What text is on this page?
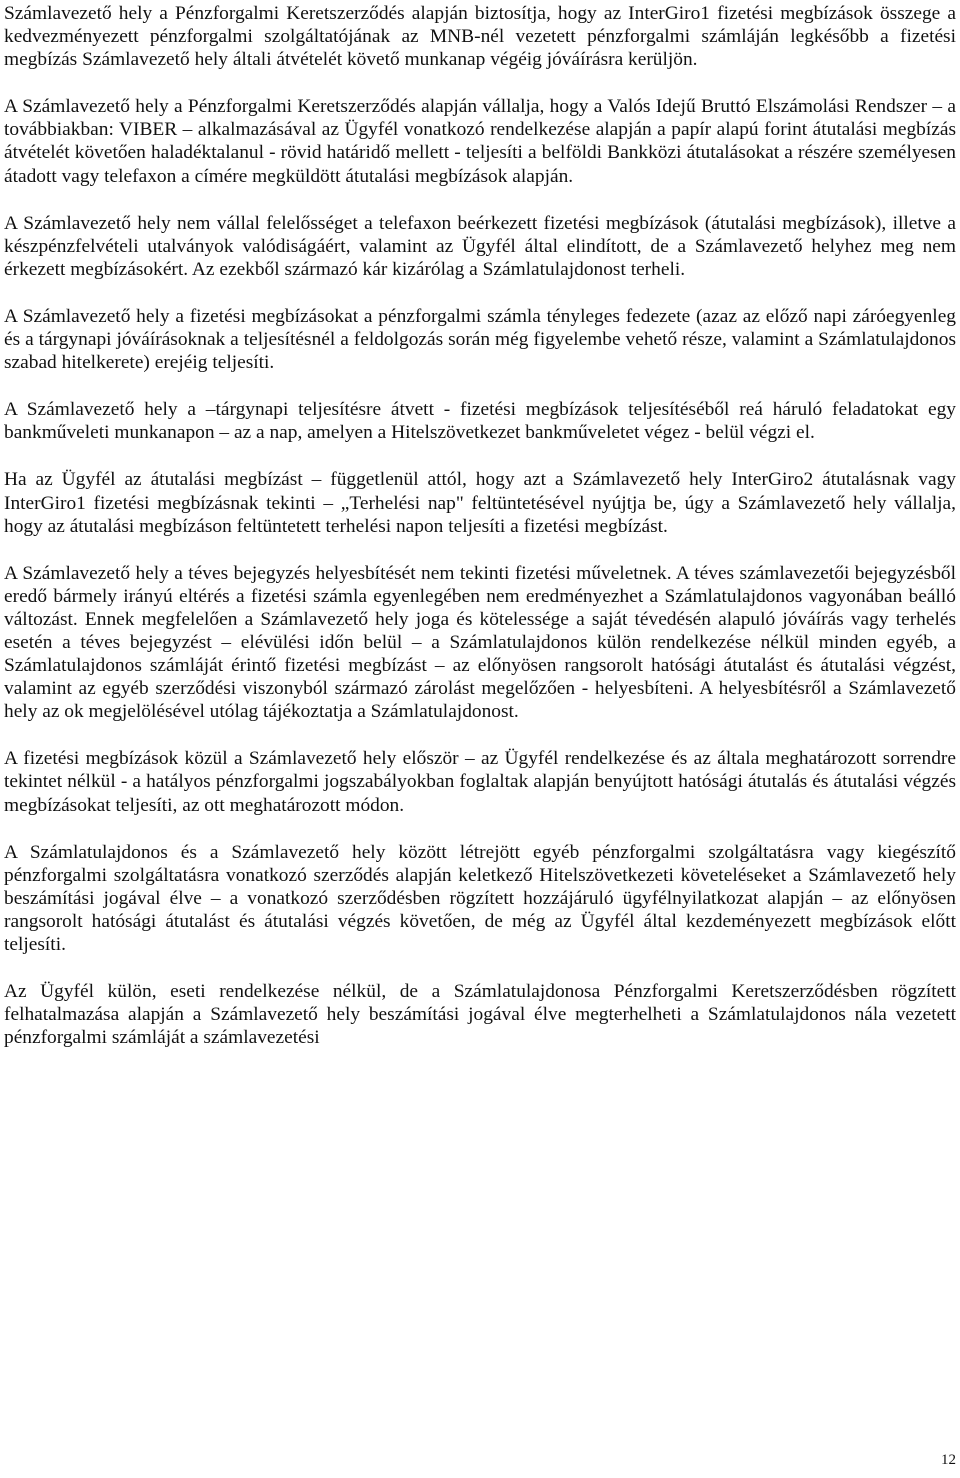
Számlavezető hely a Pénzforgalmi Keretszerződés alapján biztosítja, hogy az InterGiro1 fizetési megbízások összege a kedvezményezett pénzforgalmi szolgáltatójának az MNB-nél vezetett pénzforgalmi számláján legkésőbb a fizetési megbízás Számlavezető hely általi átvételét követő munkanap végéig jóváírásra kerüljön.

A Számlavezető hely a Pénzforgalmi Keretszerződés alapján vállalja, hogy a Valós Idejű Bruttó Elszámolási Rendszer – a továbbiakban: VIBER – alkalmazásával az Ügyfél vonatkozó rendelkezése alapján a papír alapú forint átutalási megbízás átvételét követően haladéktalanul - rövid határidő mellett - teljesíti a belföldi Bankközi átutalásokat a részére személyesen átadott vagy telefaxon a címére megküldött átutalási megbízások alapján.

A Számlavezető hely nem vállal felelősséget a telefaxon beérkezett fizetési megbízások (átutalási megbízások), illetve a készpénzfelvételi utalványok valódiságáért, valamint az Ügyfél által elindított, de a Számlavezető helyhez meg nem érkezett megbízásokért. Az ezekből származó kár kizárólag a Számlatulajdonost terheli.

A Számlavezető hely a fizetési megbízásokat a pénzforgalmi számla tényleges fedezete (azaz az előző napi záróegyenleg és a tárgynapi jóváírásoknak a teljesítésnél a feldolgozás során még figyelembe vehető része, valamint a Számlatulajdonos szabad hitelkerete) erejéig teljesíti.

A Számlavezető hely a –tárgynapi teljesítésre átvett - fizetési megbízások teljesítéséből reá háruló feladatokat egy bankműveleti munkanapon – az a nap, amelyen a Hitelszövetkezet bankműveletet végez - belül végzi el.

Ha az Ügyfél az átutalási megbízást – függetlenül attól, hogy azt a Számlavezető hely InterGiro2 átutalásnak vagy InterGiro1 fizetési megbízásnak tekinti – „Terhelési nap" feltüntetésével nyújtja be, úgy a Számlavezető hely vállalja, hogy az átutalási megbízáson feltüntetett terhelési napon teljesíti a fizetési megbízást.

A Számlavezető hely a téves bejegyzés helyesbítését nem tekinti fizetési műveletnek. A téves számlavezetői bejegyzésből eredő bármely irányú eltérés a fizetési számla egyenlegében nem eredményezhet a Számlatulajdonos vagyonában beálló változást. Ennek megfelelően a Számlavezető hely joga és kötelessége a saját tévedésén alapuló jóváírás vagy terhelés esetén a téves bejegyzést – elévülési időn belül – a Számlatulajdonos külön rendelkezése nélkül minden egyéb, a Számlatulajdonos számláját érintő fizetési megbízást – az előnyösen rangsorolt hatósági átutalást és átutalási végzést, valamint az egyéb szerződési viszonyból származó zárolást megelőzően - helyesbíteni. A helyesbítésről a Számlavezető hely az ok megjelölésével utólag tájékoztatja a Számlatulajdonost.

A fizetési megbízások közül a Számlavezető hely először – az Ügyfél rendelkezése és az általa meghatározott sorrendre tekintet nélkül - a hatályos pénzforgalmi jogszabályokban foglaltak alapján benyújtott hatósági átutalás és átutalási végzés megbízásokat teljesíti, az ott meghatározott módon.

A Számlatulajdonos és a Számlavezető hely között létrejött egyéb pénzforgalmi szolgáltatásra vagy kiegészítő pénzforgalmi szolgáltatásra vonatkozó szerződés alapján keletkező Hitelszövetkezeti követeléseket a Számlavezető hely beszámítási jogával élve – a vonatkozó szerződésben rögzített hozzájáruló ügyfélnyilatkozat alapján – az előnyösen rangsorolt hatósági átutalást és átutalási végzés követően, de még az Ügyfél által kezdeményezett megbízások előtt teljesíti.

Az Ügyfél külön, eseti rendelkezése nélkül, de a Számlatulajdonosa Pénzforgalmi Keretszerződésben rögzített felhatalmazása alapján a Számlavezető hely beszámítási jogával élve megterhelheti a Számlatulajdonos nála vezetett pénzforgalmi számláját a számlavezetési

12
